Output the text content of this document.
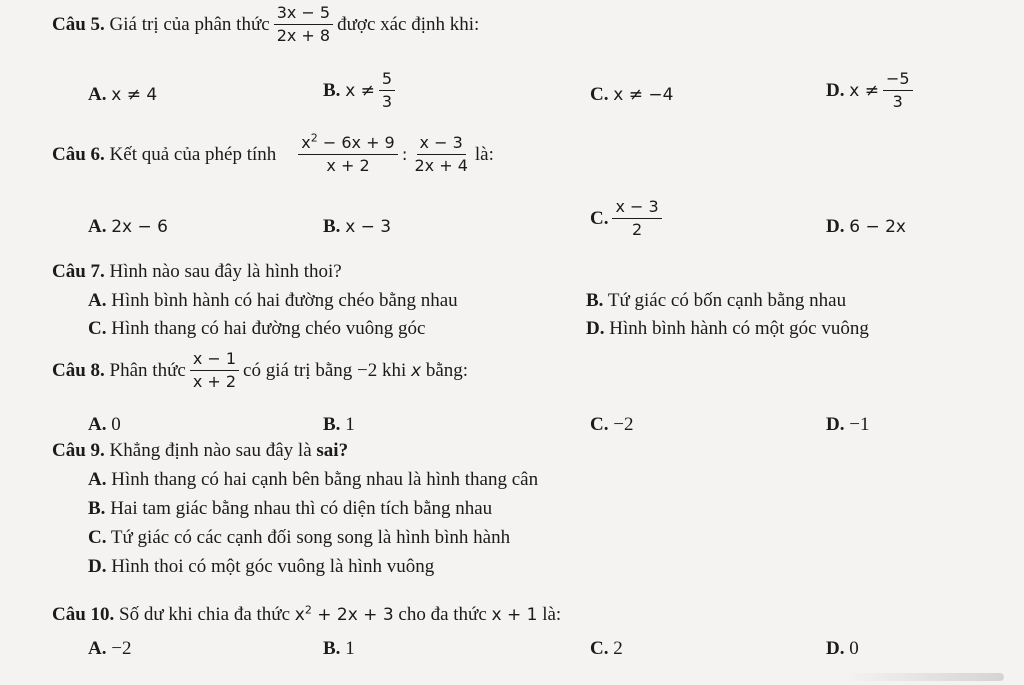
Câu 5.
Giá trị của phân thức $\frac{3x - 5}{2x + 8}$ được xác định khi:
A. x ≠ 4	B.
$x \ne \frac{5}{3}$	C. x ≠ −4	D.
$x \ne \frac{-5}{3}$
Câu 6.
Kết quả của phép tính $\frac{x^2 - 6x + 9}{x + 2}$ : $\frac{x - 3}{2x + 4}$ là:
A. 2x − 6	B. x − 3	C. $\frac{x - 3}{2}$	D. 6 − 2x
Câu 7. Hình nào sau đây là hình thoi?
A. Hình bình hành có hai đường chéo bằng nhau	B. Tứ giác có bốn cạnh bằng nhau
C. Hình thang có hai đường chéo vuông góc	D. Hình bình hành có một góc vuông
Câu 8.
Phân thức $\frac{x - 1}{x + 2}$ có giá trị bằng −2 khi
x
bằng:
A. 0	B. 1	C. −2	D. −1
Câu 9. Khẳng định nào sau đây là sai?
A. Hình thang có hai cạnh bên bằng nhau là hình thang cân
B. Hai tam giác bằng nhau thì có diện tích bằng nhau
C. Tứ giác có các cạnh đối song song là hình bình hành
D. Hình thoi có một góc vuông là hình vuông
Câu 10.
Số dư khi chia đa thức
$x^2 + 2x + 3$
cho đa thức
x + 1
là:
A. −2	B. 1	C. 2	D. 0
